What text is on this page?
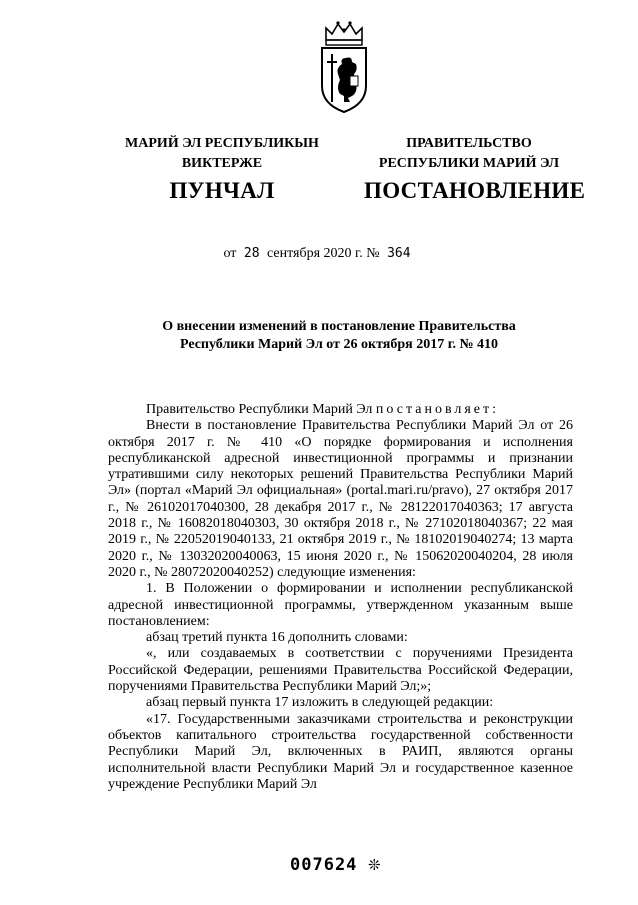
МАРИЙ ЭЛ РЕСПУБЛИКЫН
ВИКТЕРЖЕ
ПУНЧАЛ
ПРАВИТЕЛЬСТВО
РЕСПУБЛИКИ МАРИЙ ЭЛ
ПОСТАНОВЛЕНИЕ
от 28 сентября 2020 г. № 364
О внесении изменений в постановление Правительства
Республики Марий Эл от 26 октября 2017 г. № 410

Правительство Республики Марий Эл постановляет:

Внести в постановление Правительства Республики Марий Эл от 26 октября 2017 г. № 410 «О порядке формирования и исполнения республиканской адресной инвестиционной программы и признании утратившими силу некоторых решений Правительства Республики Марий Эл» (портал «Марий Эл официальная» (portal.mari.ru/pravo), 27 октября 2017 г., № 26102017040300, 28 декабря 2017 г., № 28122017040363; 17 августа 2018 г., № 16082018040303, 30 октября 2018 г., № 27102018040367; 22 мая 2019 г., № 22052019040133, 21 октября 2019 г., № 18102019040274; 13 марта 2020 г., № 13032020040063, 15 июня 2020 г., № 15062020040204, 28 июля 2020 г., № 28072020040252) следующие изменения:

1. В Положении о формировании и исполнении республиканской адресной инвестиционной программы, утвержденном указанным выше постановлением:

абзац третий пункта 16 дополнить словами:

«, или создаваемых в соответствии с поручениями Президента Российской Федерации, решениями Правительства Российской Федерации, поручениями Правительства Республики Марий Эл;»;

абзац первый пункта 17 изложить в следующей редакции:

«17. Государственными заказчиками строительства и реконструкции объектов капитального строительства государственной собственности Республики Марий Эл, включенных в РАИП, являются органы исполнительной власти Республики Марий Эл и государственное казенное учреждение Республики Марий Эл

007624 ❊
